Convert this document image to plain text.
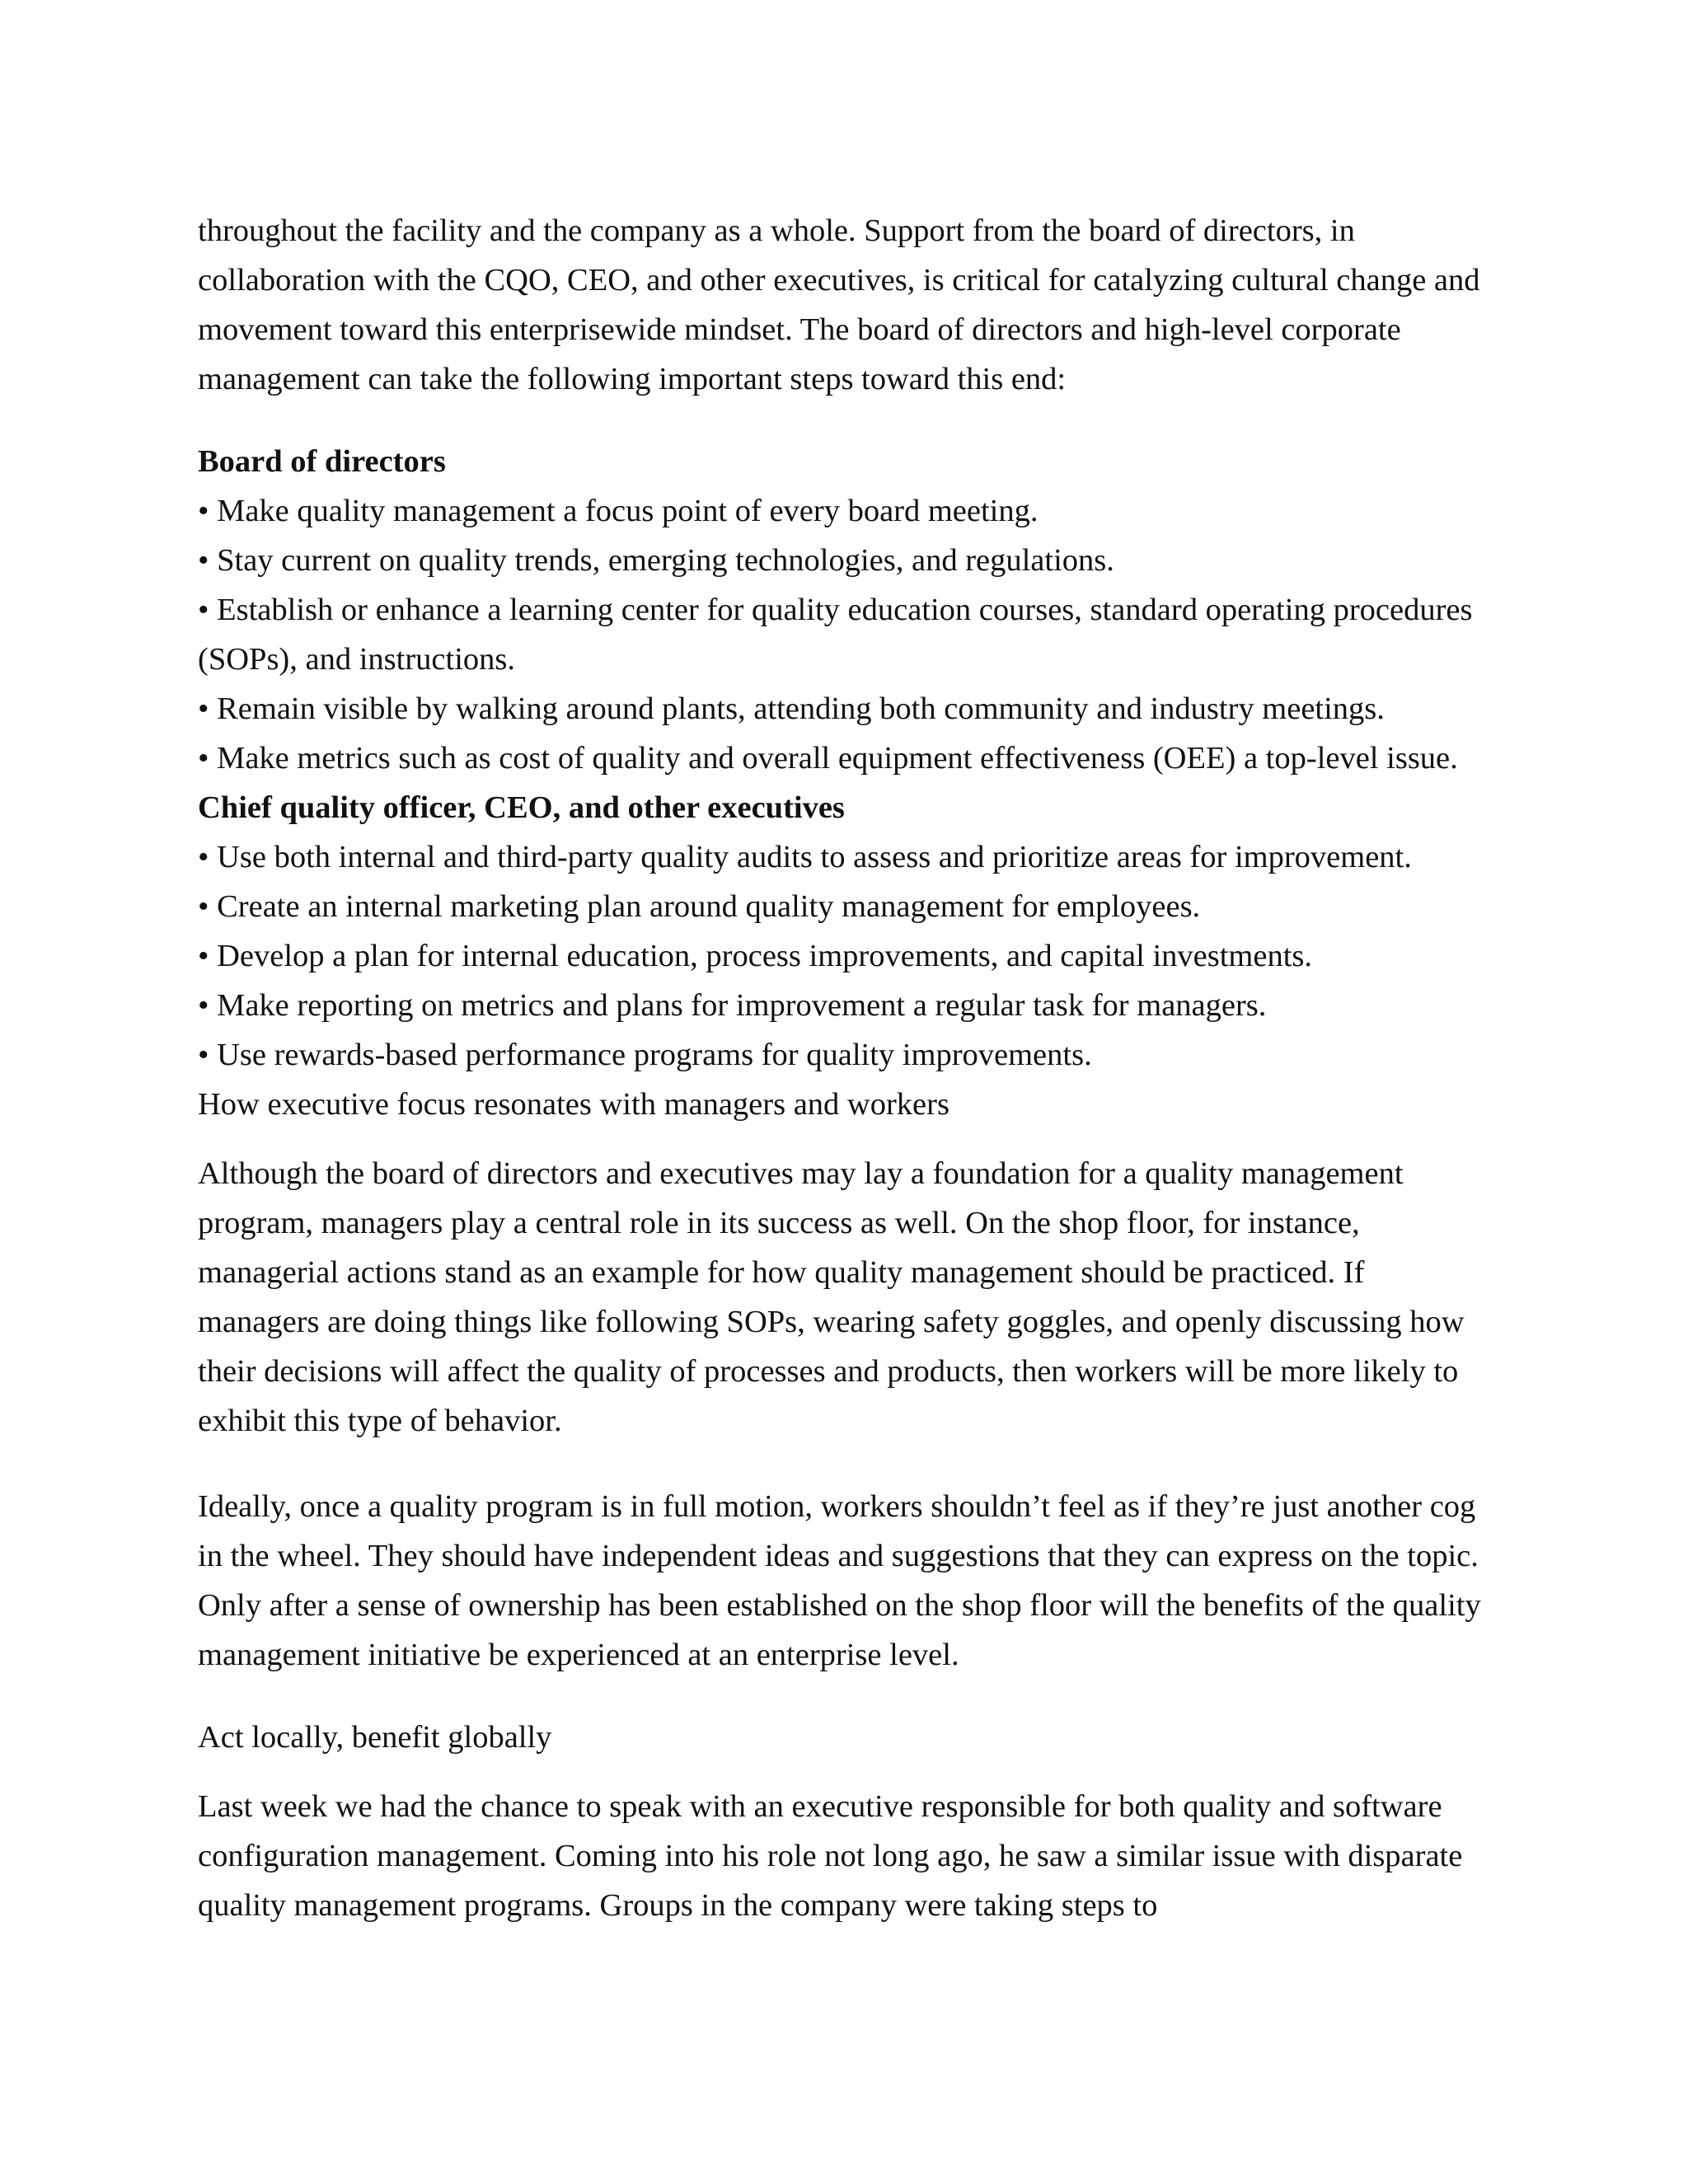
throughout the facility and the company as a whole. Support from the board of directors, in collaboration with the CQO, CEO, and other executives, is critical for catalyzing cultural change and movement toward this enterprisewide mindset. The board of directors and high-level corporate management can take the following important steps toward this end:

Board of directors

• Make quality management a focus point of every board meeting.

• Stay current on quality trends, emerging technologies, and regulations.

• Establish or enhance a learning center for quality education courses, standard operating procedures (SOPs), and instructions.

• Remain visible by walking around plants, attending both community and industry meetings.

• Make metrics such as cost of quality and overall equipment effectiveness (OEE) a top-level issue.

Chief quality officer, CEO, and other executives

• Use both internal and third-party quality audits to assess and prioritize areas for improvement.

• Create an internal marketing plan around quality management for employees.

• Develop a plan for internal education, process improvements, and capital investments.

• Make reporting on metrics and plans for improvement a regular task for managers.

• Use rewards-based performance programs for quality improvements.

How executive focus resonates with managers and workers

Although the board of directors and executives may lay a foundation for a quality management program, managers play a central role in its success as well. On the shop floor, for instance, managerial actions stand as an example for how quality management should be practiced. If managers are doing things like following SOPs, wearing safety goggles, and openly discussing how their decisions will affect the quality of processes and products, then workers will be more likely to exhibit this type of behavior.

Ideally, once a quality program is in full motion, workers shouldn’t feel as if they’re just another cog in the wheel. They should have independent ideas and suggestions that they can express on the topic. Only after a sense of ownership has been established on the shop floor will the benefits of the quality management initiative be experienced at an enterprise level.

Act locally, benefit globally

Last week we had the chance to speak with an executive responsible for both quality and software configuration management. Coming into his role not long ago, he saw a similar issue with disparate quality management programs. Groups in the company were taking steps to
